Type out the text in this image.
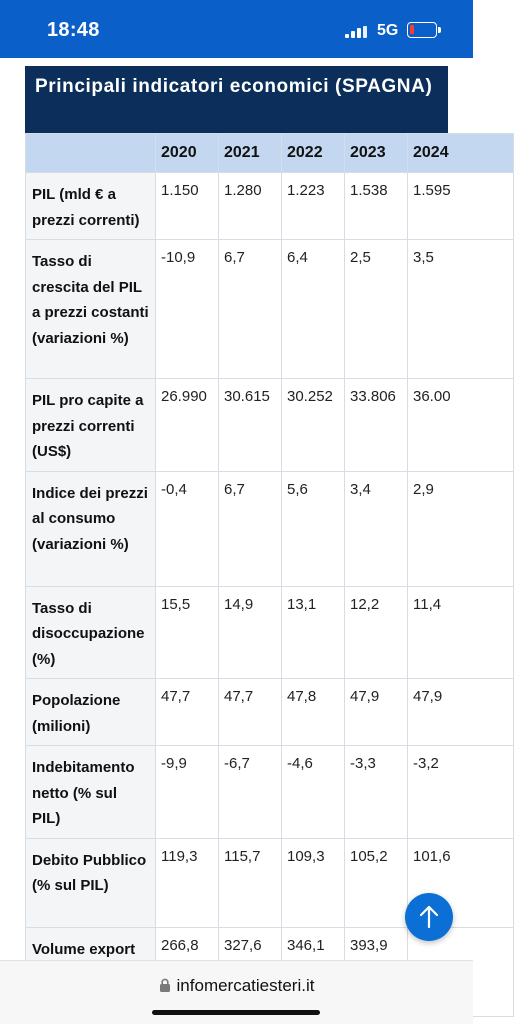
18:48	5G
Principali indicatori economici (SPAGNA)
	2020	2021	2022	2023	2024
PIL (mld € a prezzi correnti)	1.150	1.280	1.223	1.538	1.595
Tasso di crescita del PIL a prezzi costanti (variazioni %)	-10,9	6,7	6,4	2,5	3,5
PIL pro capite a prezzi correnti (US$)	26.990	30.615	30.252	33.806	36.00
Indice dei prezzi al consumo (variazioni %)	-0,4	6,7	5,6	3,4	2,9
Tasso di disoccupazione (%)	15,5	14,9	13,1	12,2	11,4
Popolazione (milioni)	47,7	47,7	47,8	47,9	47,9
Indebitamento netto (% sul PIL)	-9,9	-6,7	-4,6	-3,3	-3,2
Debito Pubblico (% sul PIL)	119,3	115,7	109,3	105,2	101,6
Volume export	266,8	327,6	346,1	393,9	
infomercatiesteri.it
